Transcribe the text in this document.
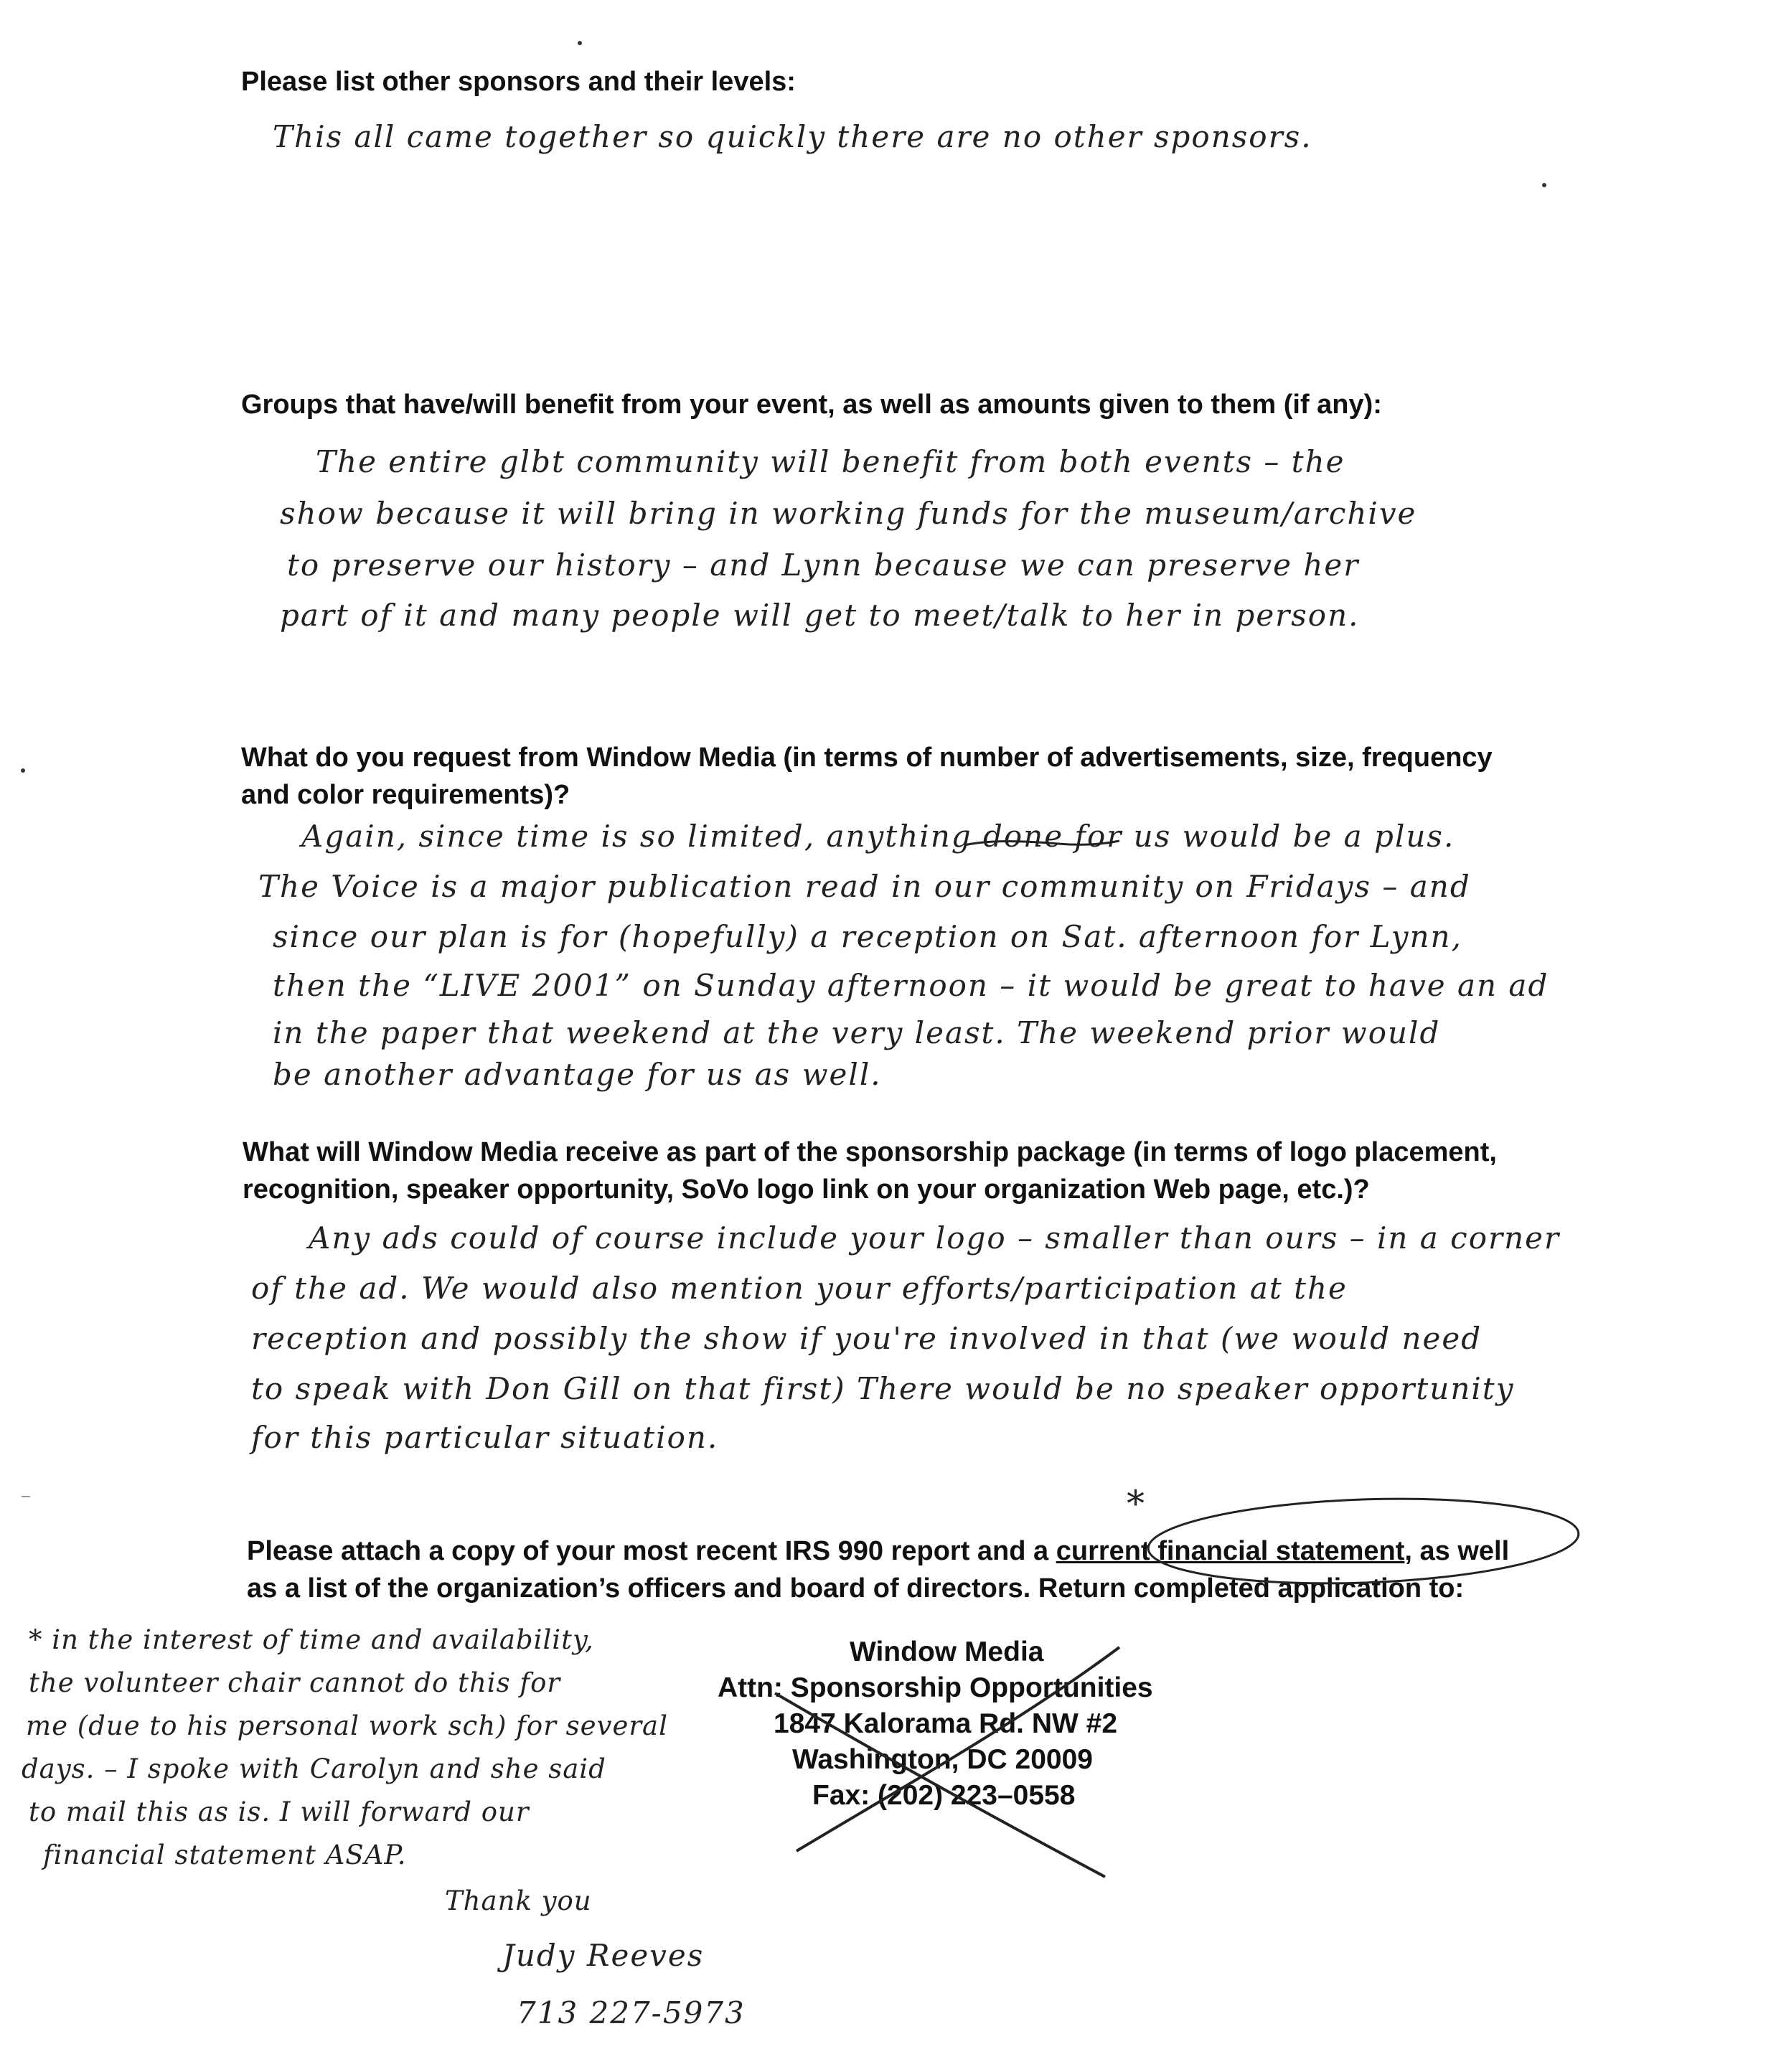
Please list other sponsors and their levels:
This all came together so quickly there are no other sponsors.
Groups that have/will benefit from your event, as well as amounts given to them (if any):
The entire glbt community will benefit from both events – the
show because it will bring in working funds for the museum/archive
to preserve our history – and Lynn because we can preserve her
part of it and many people will get to meet/talk to her in person.
What do you request from Window Media (in terms of number of advertisements, size, frequency
and color requirements)?
Again, since time is so limited, anything done for us would be a plus.
The Voice is a major publication read in our community on Fridays – and
since our plan is for (hopefully) a reception on Sat. afternoon for Lynn,
then the “LIVE 2001” on Sunday afternoon – it would be great to have an ad
in the paper that weekend at the very least. The weekend prior would
be another advantage for us as well.
What will Window Media receive as part of the sponsorship package (in terms of logo placement,
recognition, speaker opportunity, SoVo logo link on your organization Web page, etc.)?
Any ads could of course include your logo – smaller than ours – in a corner
of the ad. We would also mention your efforts/participation at the
reception and possibly the show if you're involved in that (we would need
to speak with Don Gill on that first) There would be no speaker opportunity
for this particular situation.
Please attach a copy of your most recent IRS 990 report and a current financial statement, as well
as a list of the organization’s officers and board of directors. Return completed application to:
*
* in the interest of time and availability,
the volunteer chair cannot do this for
me (due to his personal work sch) for several
days. – I spoke with Carolyn and she said
to mail this as is. I will forward our
financial statement ASAP.
Thank you
Judy Reeves
713 227-5973
Window Media
Attn: Sponsorship Opportunities
1847 Kalorama Rd. NW #2
Washington, DC 20009
Fax: (202) 223–0558
